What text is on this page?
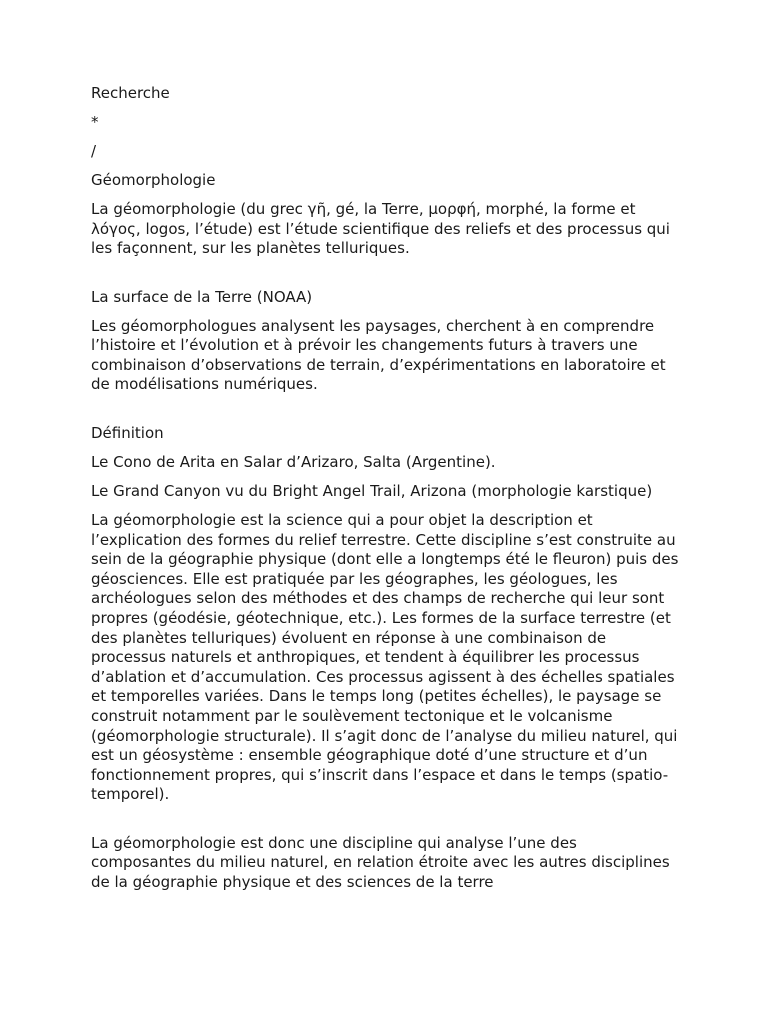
Recherche
*
/
Géomorphologie
La géomorphologie (du grec γῆ, gé, la Terre, μορφή, morphé, la forme et λόγος, logos, l’étude) est l’étude scientifique des reliefs et des processus qui les façonnent, sur les planètes telluriques.
La surface de la Terre (NOAA)
Les géomorphologues analysent les paysages, cherchent à en comprendre l’histoire et l’évolution et à prévoir les changements futurs à travers une combinaison d’observations de terrain, d’expérimentations en laboratoire et de modélisations numériques.
Définition
Le Cono de Arita en Salar d’Arizaro, Salta (Argentine).
Le Grand Canyon vu du Bright Angel Trail, Arizona (morphologie karstique)
La géomorphologie est la science qui a pour objet la description et l’explication des formes du relief terrestre. Cette discipline s’est construite au sein de la géographie physique (dont elle a longtemps été le fleuron) puis des géosciences. Elle est pratiquée par les géographes, les géologues, les archéologues selon des méthodes et des champs de recherche qui leur sont propres (géodésie, géotechnique, etc.). Les formes de la surface terrestre (et des planètes telluriques) évoluent en réponse à une combinaison de processus naturels et anthropiques, et tendent à équilibrer les processus d’ablation et d’accumulation. Ces processus agissent à des échelles spatiales et temporelles variées. Dans le temps long (petites échelles), le paysage se construit notamment par le soulèvement tectonique et le volcanisme (géomorphologie structurale). Il s’agit donc de l’analyse du milieu naturel, qui est un géosystème : ensemble géographique doté d’une structure et d’un fonctionnement propres, qui s’inscrit dans l’espace et dans le temps (spatio-temporel).
La géomorphologie est donc une discipline qui analyse l’une des composantes du milieu naturel, en relation étroite avec les autres disciplines de la géographie physique et des sciences de la terre
